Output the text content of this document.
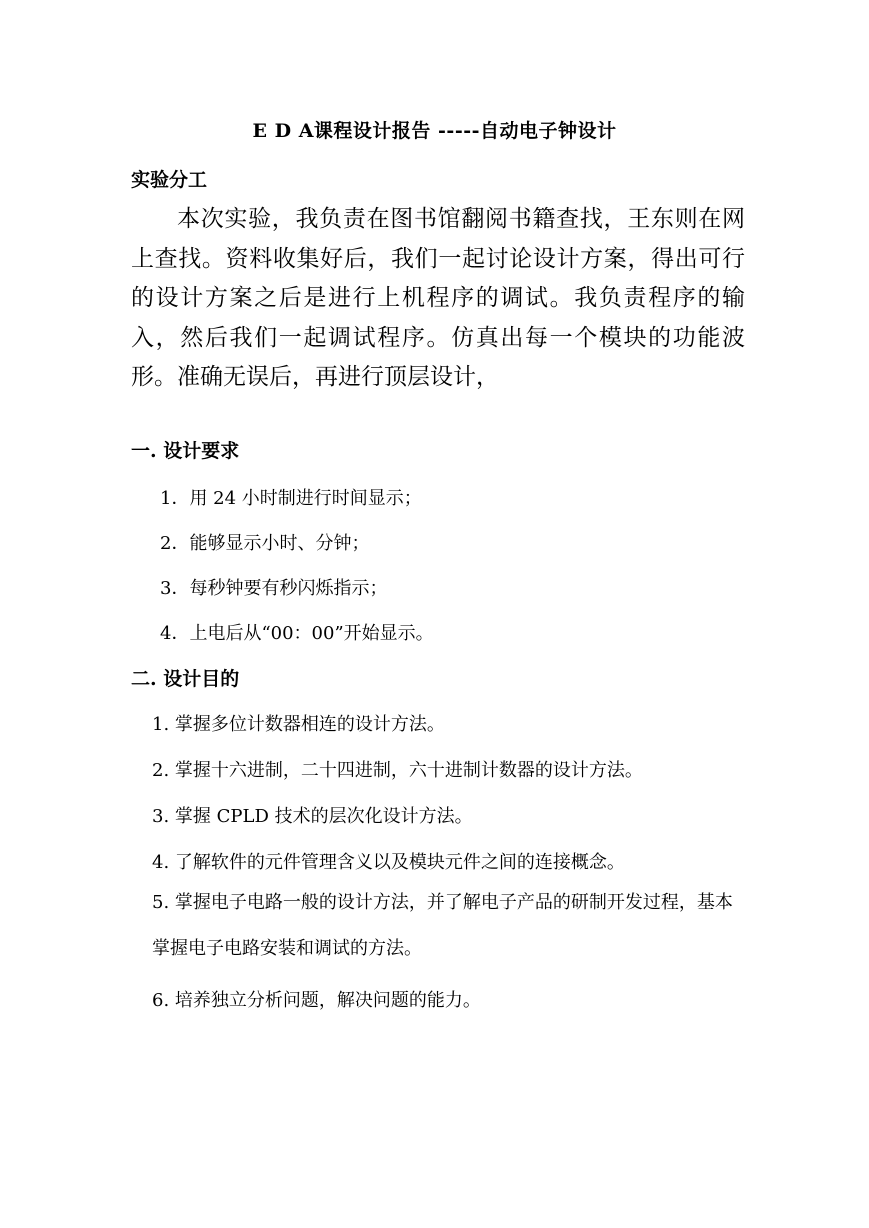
E D A课程设计报告 -----自动电子钟设计
实验分工
本次实验，我负责在图书馆翻阅书籍查找，王东则在网上查找。资料收集好后，我们一起讨论设计方案，得出可行的设计方案之后是进行上机程序的调试。我负责程序的输入，然后我们一起调试程序。仿真出每一个模块的功能波形。准确无误后，再进行顶层设计，
一. 设计要求
1．用 24 小时制进行时间显示；
2．能够显示小时、分钟；
3．每秒钟要有秒闪烁指示；
4．上电后从“00：00”开始显示。
二. 设计目的
1. 掌握多位计数器相连的设计方法。
2. 掌握十六进制，二十四进制，六十进制计数器的设计方法。
3. 掌握 CPLD 技术的层次化设计方法。
4. 了解软件的元件管理含义以及模块元件之间的连接概念。
5. 掌握电子电路一般的设计方法，并了解电子产品的研制开发过程，基本掌握电子电路安装和调试的方法。
6. 培养独立分析问题，解决问题的能力。
